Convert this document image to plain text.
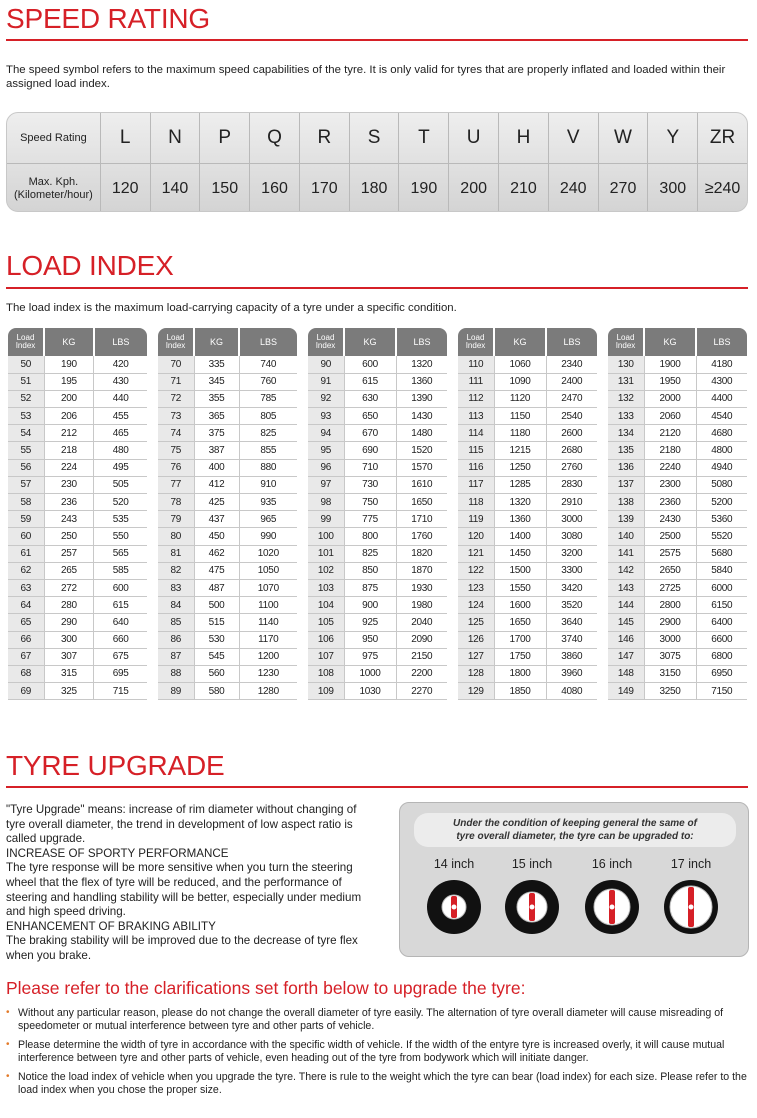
SPEED RATING

The speed symbol refers to the maximum speed capabilities of the tyre. It is only valid for tyres that are properly inflated and loaded within their assigned load index.

Speed Rating	L	N	P	Q	R	S	T	U	H	V	W	Y	ZR
Max. Kph.
(Kilometer/hour)	120	140	150	160	170	180	190	200	210	240	270	300	≥240
LOAD INDEX

The load index is the maximum load-carrying capacity of a tyre under a specific condition.

Load Index	KG	LBS
50	190	420
51	195	430
52	200	440
53	206	455
54	212	465
55	218	480
56	224	495
57	230	505
58	236	520
59	243	535
60	250	550
61	257	565
62	265	585
63	272	600
64	280	615
65	290	640
66	300	660
67	307	675
68	315	695
69	325	715
Load Index	KG	LBS
70	335	740
71	345	760
72	355	785
73	365	805
74	375	825
75	387	855
76	400	880
77	412	910
78	425	935
79	437	965
80	450	990
81	462	1020
82	475	1050
83	487	1070
84	500	1100
85	515	1140
86	530	1170
87	545	1200
88	560	1230
89	580	1280
Load Index	KG	LBS
90	600	1320
91	615	1360
92	630	1390
93	650	1430
94	670	1480
95	690	1520
96	710	1570
97	730	1610
98	750	1650
99	775	1710
100	800	1760
101	825	1820
102	850	1870
103	875	1930
104	900	1980
105	925	2040
106	950	2090
107	975	2150
108	1000	2200
109	1030	2270
Load Index	KG	LBS
110	1060	2340
111	1090	2400
112	1120	2470
113	1150	2540
114	1180	2600
115	1215	2680
116	1250	2760
117	1285	2830
118	1320	2910
119	1360	3000
120	1400	3080
121	1450	3200
122	1500	3300
123	1550	3420
124	1600	3520
125	1650	3640
126	1700	3740
127	1750	3860
128	1800	3960
129	1850	4080
Load Index	KG	LBS
130	1900	4180
131	1950	4300
132	2000	4400
133	2060	4540
134	2120	4680
135	2180	4800
136	2240	4940
137	2300	5080
138	2360	5200
139	2430	5360
140	2500	5520
141	2575	5680
142	2650	5840
143	2725	6000
144	2800	6150
145	2900	6400
146	3000	6600
147	3075	6800
148	3150	6950
149	3250	7150
TYRE UPGRADE
"Tyre Upgrade" means: increase of rim diameter without changing of
tyre overall diameter, the trend in development of low aspect ratio is
called upgrade.
INCREASE OF SPORTY PERFORMANCE
The tyre response will be more sensitive when you turn the steering
wheel that the flex of tyre will be reduced, and the performance of
steering and handling stability will be better, especially under medium
and high speed driving.
ENHANCEMENT OF BRAKING ABILITY
The braking stability will be improved due to the decrease of tyre flex
when you brake.
Under the condition of keeping general the same of
tyre overall diameter, the tyre can be upgraded to:
14 inch	15 inch	16 inch	17 inch
Please refer to the clarifications set forth below to upgrade the tyre:
• Without any particular reason, please do not change the overall diameter of tyre easily. The alternation of tyre overall diameter will cause misreading of speedometer or mutual interference between tyre and other parts of vehicle.
• Please determine the width of tyre in accordance with the specific width of vehicle. If the width of the entyre tyre is increased overly, it will cause mutual interference between tyre and other parts of vehicle, even heading out of the tyre from bodywork which will initiate danger.
• Notice the load index of vehicle when you upgrade the tyre. There is rule to the weight which the tyre can bear (load index) for each size. Please refer to the load index when you chose the proper size.
